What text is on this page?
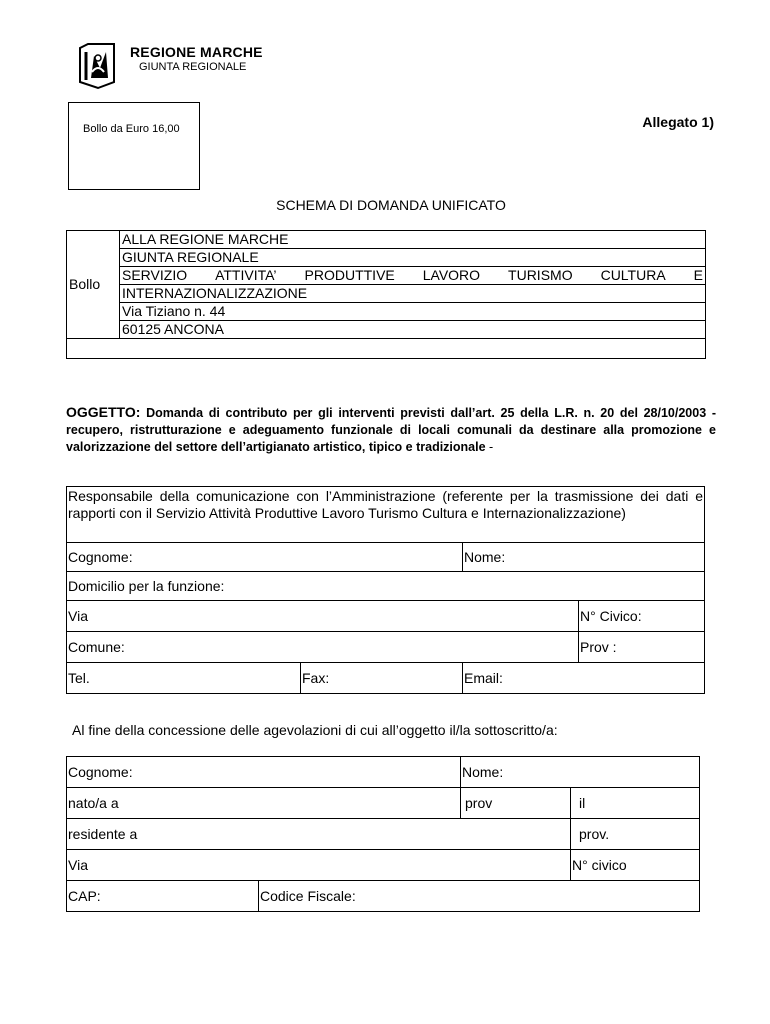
REGIONE MARCHE
GIUNTA REGIONALE
Bollo da Euro 16,00	Allegato 1)
SCHEMA DI DOMANDA UNIFICATO
Bollo	ALLA REGIONE MARCHE
GIUNTA REGIONALE

SERVIZIO ATTIVITA’ PRODUTTIVE LAVORO TURISMO CULTURA E

INTERNAZIONALIZZAZIONE
Via Tiziano n. 44
60125 ANCONA

OGGETTO: Domanda di contributo per gli interventi previsti dall’art. 25 della L.R. n. 20 del 28/10/2003 - recupero, ristrutturazione e adeguamento funzionale di locali comunali da destinare alla promozione e valorizzazione del settore dell’artigianato artistico, tipico e tradizionale -
Responsabile della comunicazione con l’Amministrazione (referente per la trasmissione dei dati e rapporti con il Servizio Attività Produttive Lavoro Turismo Cultura e Internazionalizzazione)			
Cognome:		Nome:	
Domicilio per la funzione:			
Via			N° Civico:
Comune:			Prov :
Tel.	Fax:	Email:	
Al fine della concessione delle agevolazioni di cui all’oggetto il/la sottoscritto/a:
Cognome:		Nome:	
nato/a a		prov	il
residente a			prov.
Via			N° civico
CAP:	Codice Fiscale:		
